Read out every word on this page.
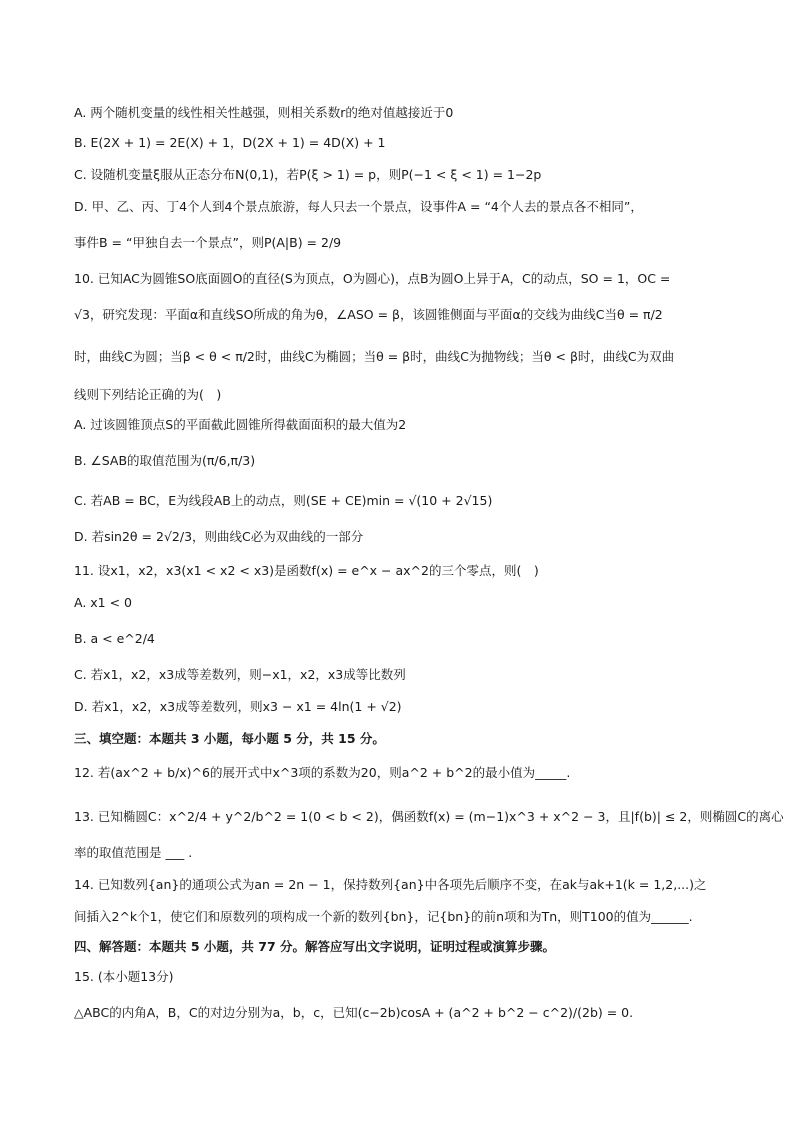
A. 两个随机变量的线性相关性越强，则相关系数r的绝对值越接近于0
B. E(2X + 1) = 2E(X) + 1，D(2X + 1) = 4D(X) + 1
C. 设随机变量ξ服从正态分布N(0,1)，若P(ξ > 1) = p，则P(−1 < ξ < 1) = 1−2p
D. 甲、乙、丙、丁4个人到4个景点旅游，每人只去一个景点，设事件A = “4个人去的景点各不相同”，
事件B = “甲独自去一个景点”，则P(A|B) = 2/9
10. 已知AC为圆锥SO底面圆O的直径(S为顶点，O为圆心)，点B为圆O上异于A，C的动点，SO = 1，OC =
√3，研究发现：平面α和直线SO所成的角为θ，∠ASO = β，该圆锥侧面与平面α的交线为曲线C当θ = π/2
时，曲线C为圆；当β < θ < π/2时，曲线C为椭圆；当θ = β时，曲线C为抛物线；当θ < β时，曲线C为双曲
线则下列结论正确的为(　)
A. 过该圆锥顶点S的平面截此圆锥所得截面面积的最大值为2
B. ∠SAB的取值范围为(π/6,π/3)
C. 若AB = BC，E为线段AB上的动点，则(SE + CE)min = √(10 + 2√15)
D. 若sin2θ = 2√2/3，则曲线C必为双曲线的一部分
11. 设x1，x2，x3(x1 < x2 < x3)是函数f(x) = e^x − ax^2的三个零点，则(　)
A. x1 < 0
B. a < e^2/4
C. 若x1，x2，x3成等差数列，则−x1，x2，x3成等比数列
D. 若x1，x2，x3成等差数列，则x3 − x1 = 4ln(1 + √2)
三、填空题：本题共 3 小题，每小题 5 分，共 15 分。
12. 若(ax^2 + b/x)^6的展开式中x^3项的系数为20，则a^2 + b^2的最小值为_____.
13. 已知椭圆C：x^2/4 + y^2/b^2 = 1(0 < b < 2)，偶函数f(x) = (m−1)x^3 + x^2 − 3，且|f(b)| ≤ 2，则椭圆C的离心
率的取值范围是 ___ .
14. 已知数列{an}的通项公式为an = 2n − 1，保持数列{an}中各项先后顺序不变，在ak与ak+1(k = 1,2,...)之
间插入2^k个1，使它们和原数列的项构成一个新的数列{bn}，记{bn}的前n项和为Tn，则T100的值为______.
四、解答题：本题共 5 小题，共 77 分。解答应写出文字说明，证明过程或演算步骤。
15. (本小题13分)
△ABC的内角A，B，C的对边分别为a，b，c，已知(c−2b)cosA + (a^2 + b^2 − c^2)/(2b) = 0.
